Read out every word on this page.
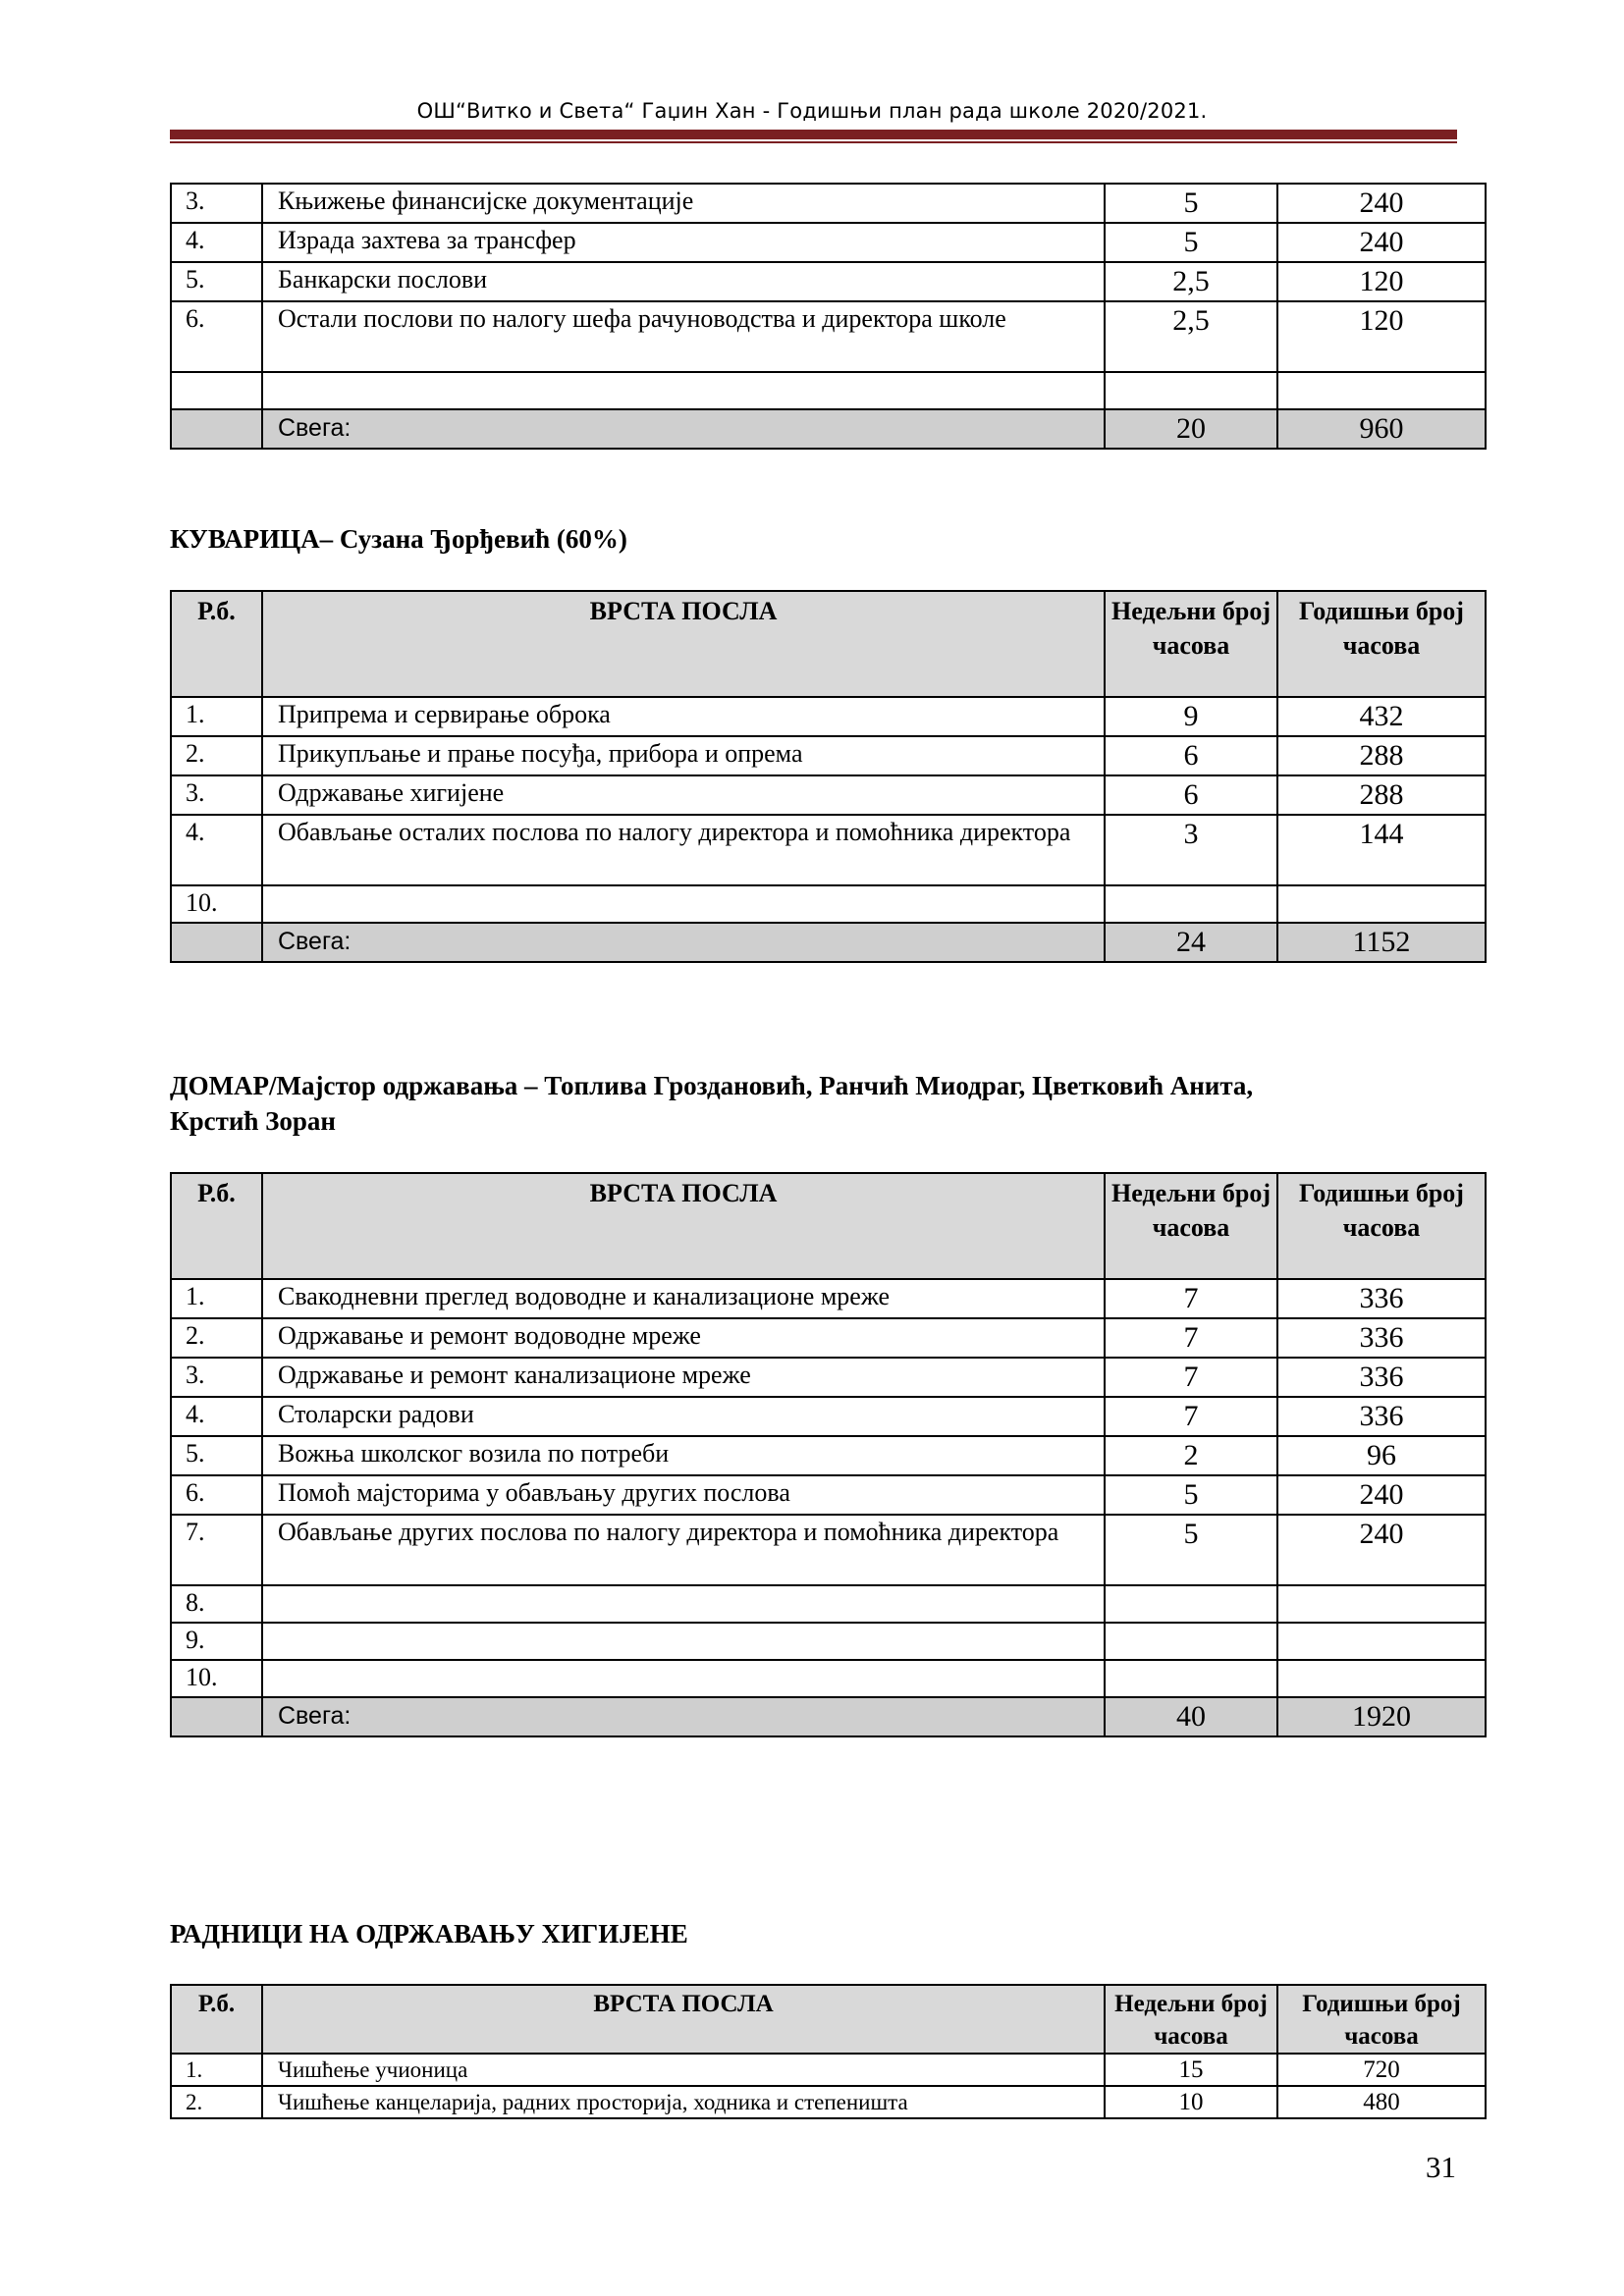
ОШ“Витко и Света“ Гаџин Хан - Годишњи план рада школе 2020/2021.
3.	Књижење финансијске документације	5	240
4.	Израда захтева за трансфер	5	240
5.	Банкарски послови	2,5	120
6.	Остали послови по налогу шефа рачуноводства и директора школе	2,5	120

	Свега:	20	960
КУВАРИЦА– Сузана Ђорђевић (60%)
Р.б.	ВРСТА ПОСЛА	Недељни број часова	Годишњи број часова
1.	Припрема и сервирање оброка	9	432
2.	Прикупљање и прање посуђа, прибора и опрема	6	288
3.	Одржавање хигијене	6	288
4.	Обављање осталих послова по налогу директора и помоћника директора	3	144
10.			
	Свега:	24	1152
ДОМАР/Мајстор одржавања – Топлива Гроздановић, Ранчић Миодраг, Цветковић Анита,
Крстић Зоран
Р.б.	ВРСТА ПОСЛА	Недељни број часова	Годишњи број часова
1.	Свакодневни преглед водоводне и канализационе мреже	7	336
2.	Одржавање и ремонт водоводне мреже	7	336
3.	Одржавање и ремонт канализационе мреже	7	336
4.	Столарски радови	7	336
5.	Вожња школског возила по потреби	2	96
6.	Помоћ мајсторима у обављању других послова	5	240
7.	Обављање других послова по налогу директора и помоћника директора	5	240
8.			
9.			
10.			
	Свега:	40	1920
РАДНИЦИ НА ОДРЖАВАЊУ ХИГИЈЕНЕ
Р.б.	ВРСТА ПОСЛА	Недељни број часова	Годишњи број часова
1.	Чишћење учионица	15	720
2.	Чишћење канцеларија, радних просторија, ходника и степеништа	10	480
31
